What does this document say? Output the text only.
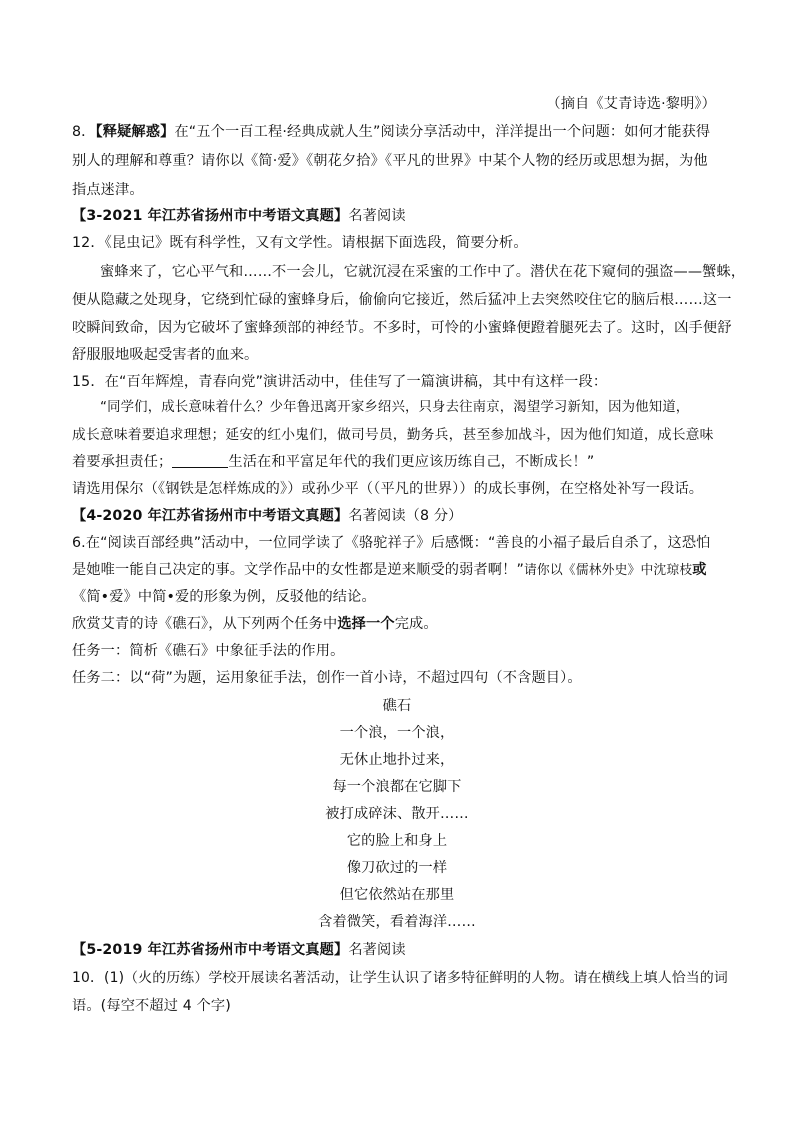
（摘自《艾青诗选·黎明》）
8．【释疑解惑】在“五个一百工程·经典成就人生”阅读分享活动中，洋洋提出一个问题：如何才能获得
别人的理解和尊重？请你以《简·爱》《朝花夕拾》《平凡的世界》中某个人物的经历或思想为据，为他
指点迷津。
【3-2021 年江苏省扬州市中考语文真题】名著阅读
12．《昆虫记》既有科学性，又有文学性。请根据下面选段，简要分析。
蜜蜂来了，它心平气和……不一会儿，它就沉浸在采蜜的工作中了。潜伏在花下窥伺的强盗——蟹蛛，
便从隐藏之处现身，它绕到忙碌的蜜蜂身后，偷偷向它接近，然后猛冲上去突然咬住它的脑后根……这一
咬瞬间致命，因为它破坏了蜜蜂颈部的神经节。不多时，可怜的小蜜蜂便蹬着腿死去了。这时，凶手便舒
舒服服地吸起受害者的血来。
15．在“百年辉煌，青春向党”演讲活动中，佳佳写了一篇演讲稿，其中有这样一段：
“同学们，成长意味着什么？少年鲁迅离开家乡绍兴，只身去往南京，渴望学习新知，因为他知道，
成长意味着要追求理想；延安的红小鬼们，做司号员，勤务兵，甚至参加战斗，因为他们知道，成长意味
着要承担责任；	生活在和平富足年代的我们更应该历练自己，不断成长！”
请选用保尔（《钢铁是怎样炼成的》）或孙少平（（平凡的世界））的成长事例，在空格处补写一段话。
【4-2020 年江苏省扬州市中考语文真题】名著阅读（8 分）
6.在“阅读百部经典”活动中，一位同学读了《骆驼祥子》后感慨：“善良的小福子最后自杀了，这恐怕
是她唯一能自己决定的事。文学作品中的女性都是逆来顺受的弱者啊！”请你以《儒林外史》中沈琼枝或
《简•爱》中简•爱的形象为例，反驳他的结论。
欣赏艾青的诗《礁石》，从下列两个任务中选择一个完成。
任务一：简析《礁石》中象征手法的作用。
任务二：以“荷”为题，运用象征手法，创作一首小诗，不超过四句（不含题目）。
礁石
一个浪，一个浪，
无休止地扑过来，
每一个浪都在它脚下
被打成碎沫、散开……
它的脸上和身上
像刀砍过的一样
但它依然站在那里
含着微笑，看着海洋……
【5-2019 年江苏省扬州市中考语文真题】名著阅读
10．(1)（火的历练）学校开展读名著活动，让学生认识了诸多特征鲜明的人物。请在横线上填人恰当的词
语。(每空不超过 4 个字)
